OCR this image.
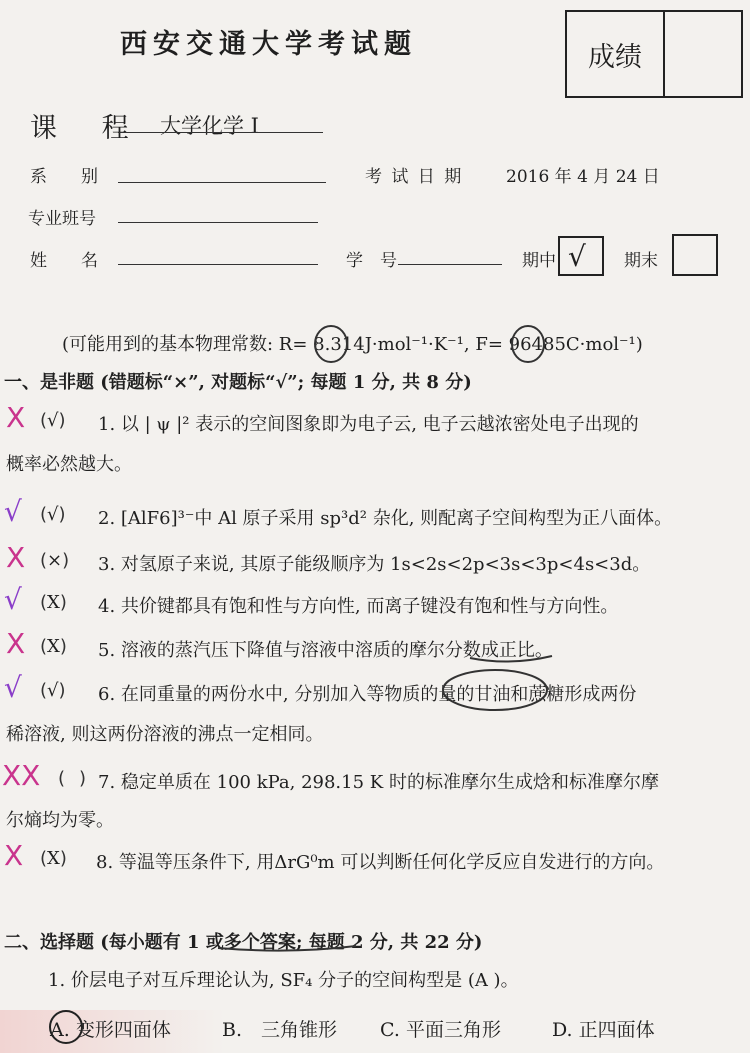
西安交通大学考试题	成绩
课 程 大学化学 I
系　　别	考 试 日 期	2016 年 4 月 24 日
专业班号
姓　　名	学　号	期中 √ 期末
(可能用到的基本物理常数: R= 8.314J·mol⁻¹·K⁻¹, F= 96485C·mol⁻¹)
一、是非题 (错题标“×”, 对题标“√”; 每题 1 分, 共 8 分)
X (√) 1. 以 | ψ |² 表示的空间图象即为电子云, 电子云越浓密处电子出现的
概率必然越大。
√ (√) 2. [AlF6]³⁻中 Al 原子采用 sp³d² 杂化, 则配离子空间构型为正八面体。
X (×) 3. 对氢原子来说, 其原子能级顺序为 1s<2s<2p<3s<3p<4s<3d。
√ (X) 4. 共价键都具有饱和性与方向性, 而离子键没有饱和性与方向性。
X (X) 5. 溶液的蒸汽压下降值与溶液中溶质的摩尔分数成正比。
√ (√) 6. 在同重量的两份水中, 分别加入等物质的量的甘油和蔗糖形成两份
稀溶液, 则这两份溶液的沸点一定相同。
XX ( ) 7. 稳定单质在 100 kPa, 298.15 K 时的标准摩尔生成焓和标准摩尔摩
尔熵均为零。
X (X) 8. 等温等压条件下, 用ΔrG⁰m 可以判断任何化学反应自发进行的方向。
二、选择题 (每小题有 1 或多个答案; 每题 2 分, 共 22 分)
1. 价层电子对互斥理论认为, SF₄ 分子的空间构型是 (A )。
A. 变形四面体	B.　 三角锥形 C. 平面三角形	D. 正四面体
